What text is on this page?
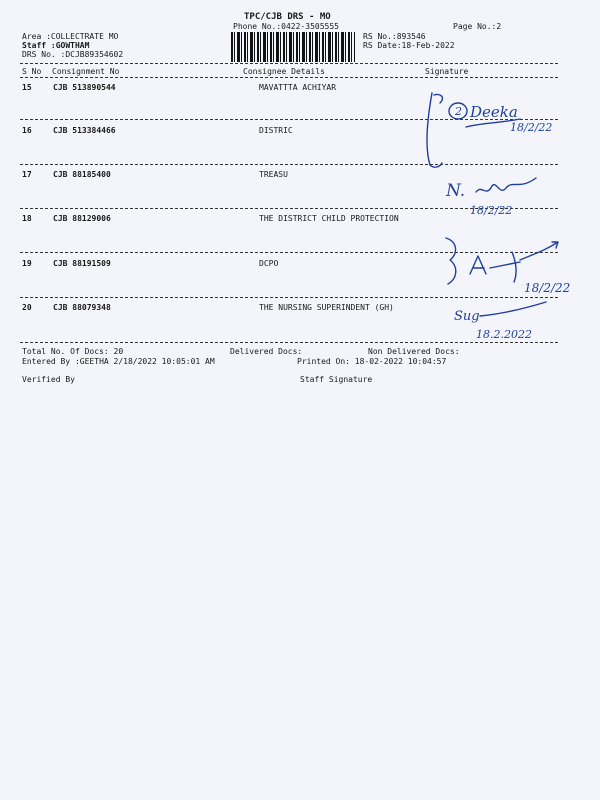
TPC/CJB DRS - MO
Phone No.:0422-3505555	Page No.:2
Area :COLLECTRATE MO
Staff :GOWTHAM
DRS No. :DCJB89354602
RS No.:893546
RS Date:18-Feb-2022
S No Consignment No	Consignee Details	Signature
15	CJB 513890544	MAVATTTA ACHIYAR
16	CJB 513384466	DISTRIC
17	CJB 88185400	TREASU
18	CJB 88129006	THE DISTRICT CHILD PROTECTION
19	CJB 88191509	DCPO
20	CJB 88079348	THE NURSING SUPERINDENT (GH)
Total No. Of Docs: 20	Delivered Docs:	Non Delivered Docs:
Entered By :GEETHA 2/18/2022 10:05:01 AM	Printed On: 18-02-2022 10:04:57
Verified By	Staff Signature
2 Deeka
18/2/22
N.
18/2/22
18/2/22
Sug
18.2.2022
